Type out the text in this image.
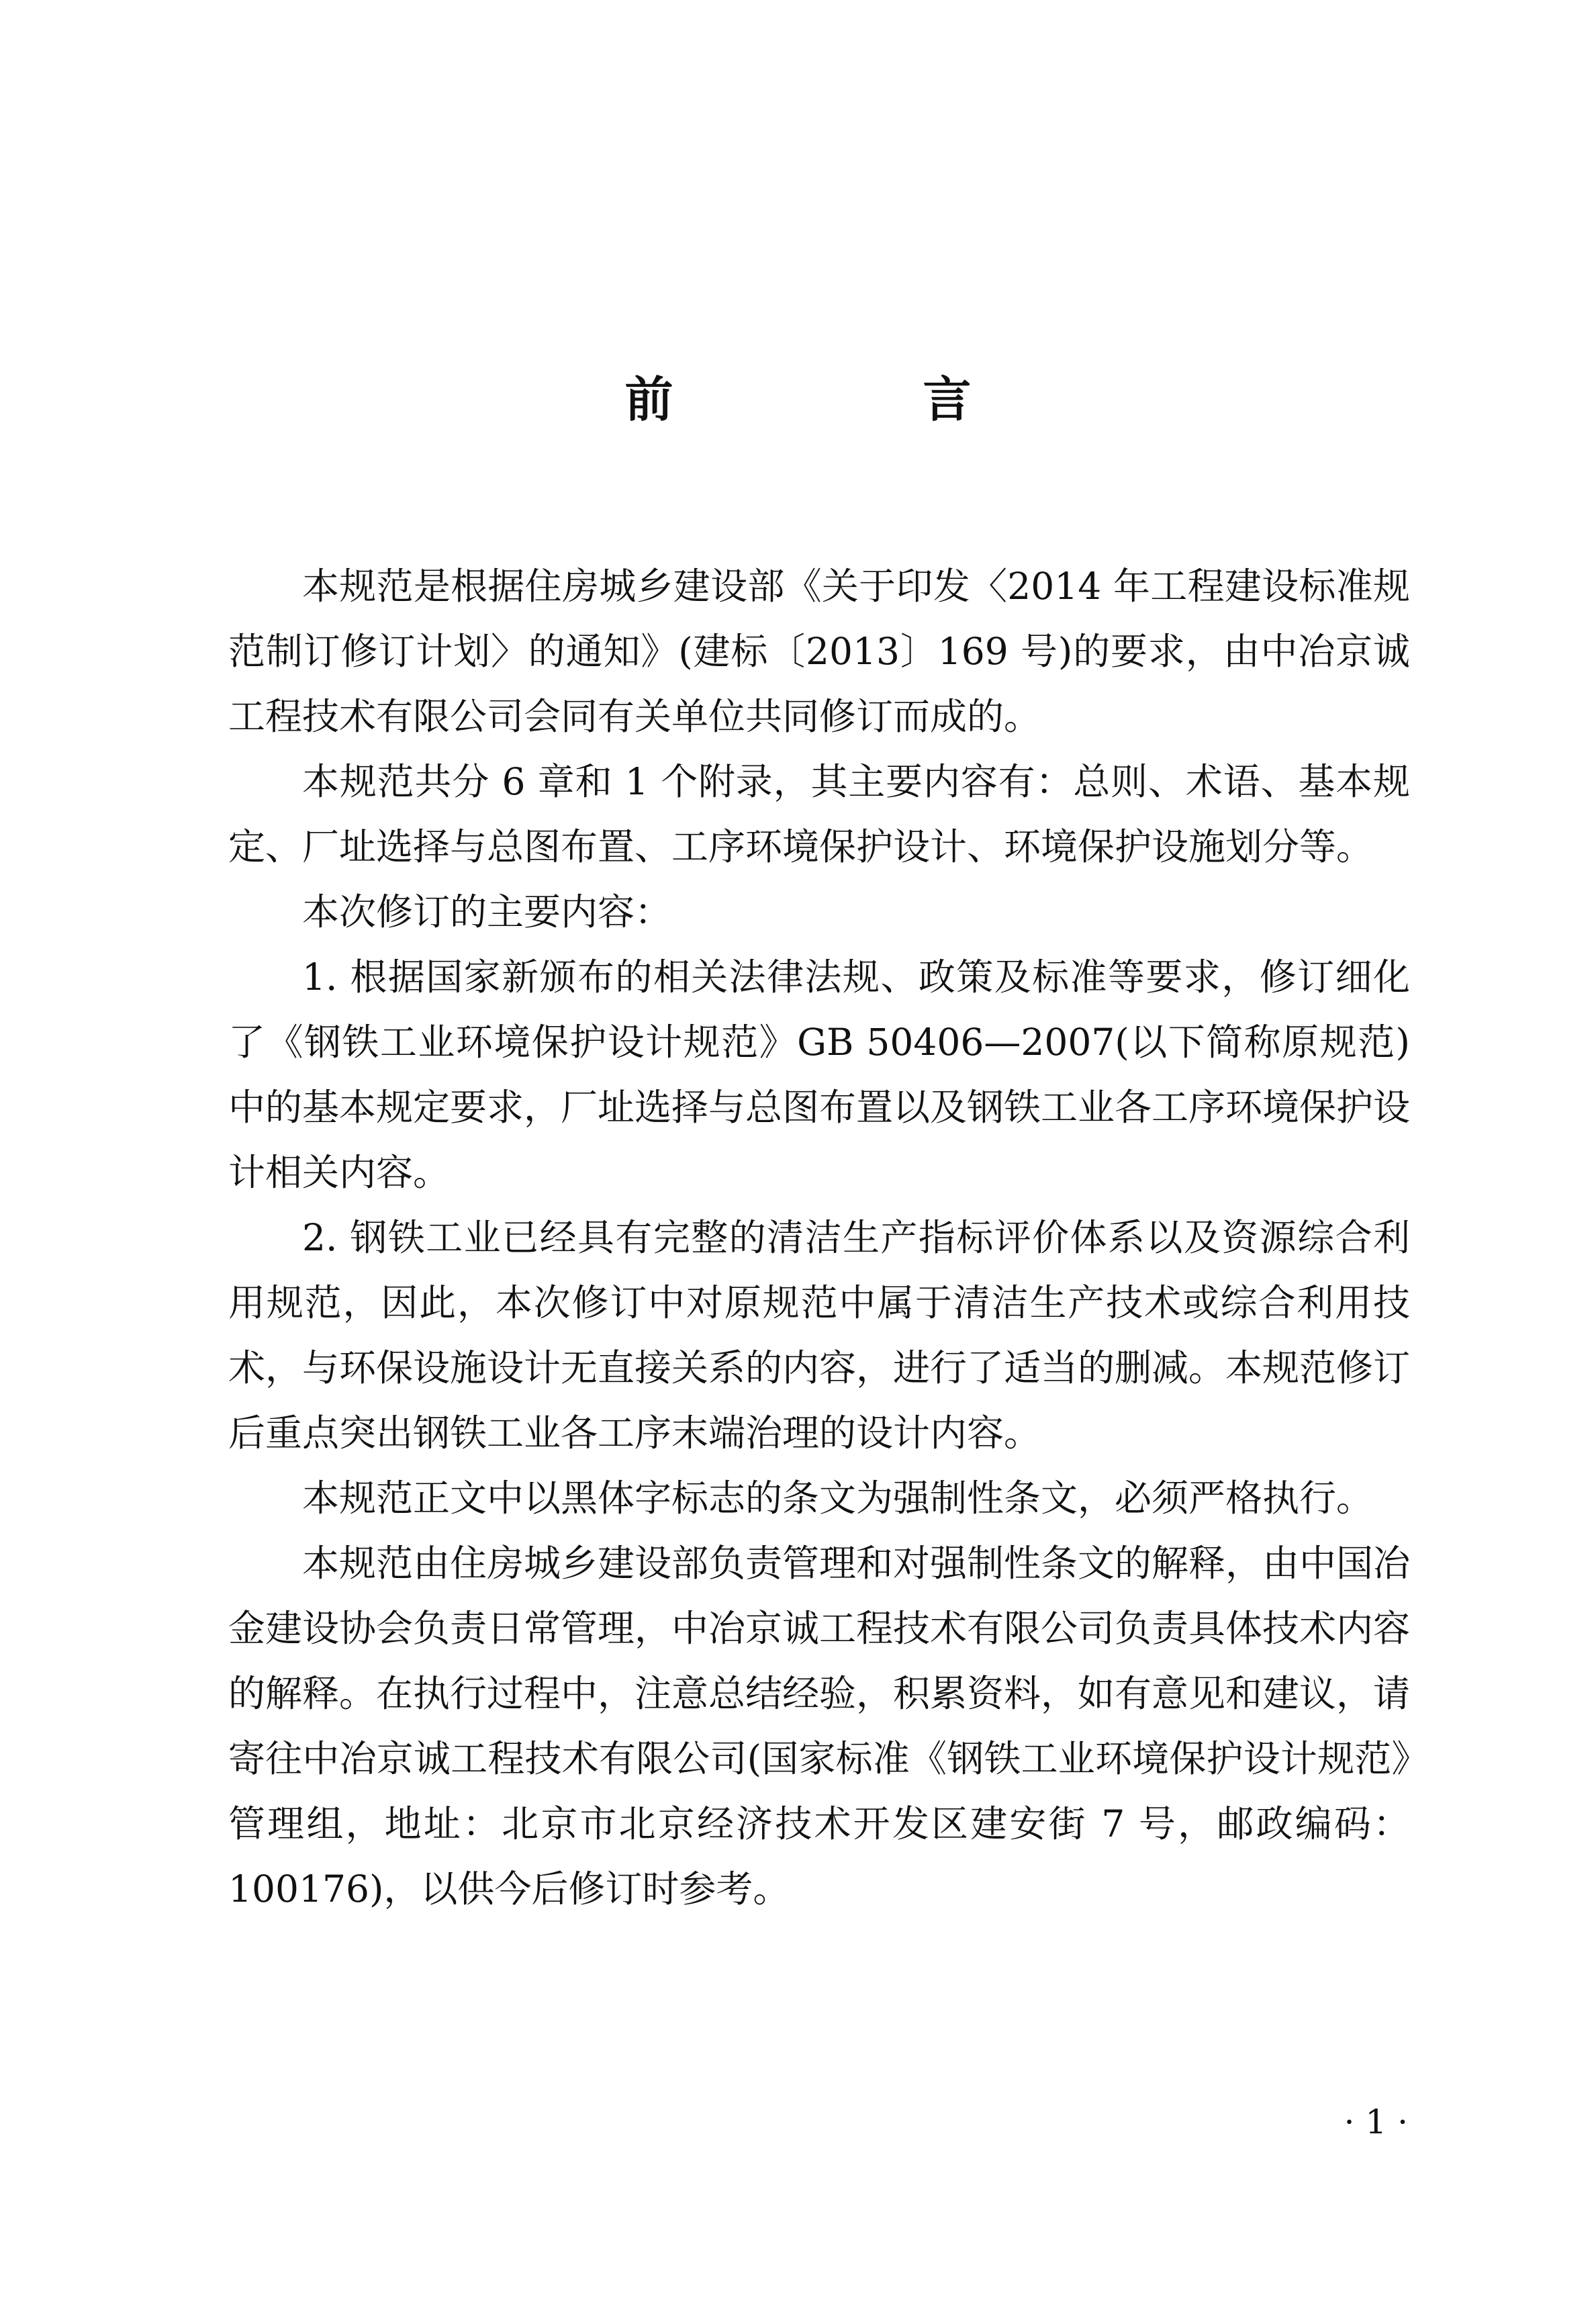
前　言

本规范是根据住房城乡建设部《关于印发〈2014 年工程建设标准规范制订修订计划〉的通知》(建标〔2013〕169 号)的要求，由中冶京诚工程技术有限公司会同有关单位共同修订而成的。

本规范共分 6 章和 1 个附录，其主要内容有：总则、术语、基本规定、厂址选择与总图布置、工序环境保护设计、环境保护设施划分等。

本次修订的主要内容：

1. 根据国家新颁布的相关法律法规、政策及标准等要求，修订细化了《钢铁工业环境保护设计规范》GB 50406—2007(以下简称原规范)中的基本规定要求，厂址选择与总图布置以及钢铁工业各工序环境保护设计相关内容。

2. 钢铁工业已经具有完整的清洁生产指标评价体系以及资源综合利用规范，因此，本次修订中对原规范中属于清洁生产技术或综合利用技术，与环保设施设计无直接关系的内容，进行了适当的删减。本规范修订后重点突出钢铁工业各工序末端治理的设计内容。

本规范正文中以黑体字标志的条文为强制性条文，必须严格执行。

本规范由住房城乡建设部负责管理和对强制性条文的解释，由中国冶金建设协会负责日常管理，中冶京诚工程技术有限公司负责具体技术内容的解释。在执行过程中，注意总结经验，积累资料，如有意见和建议，请寄往中冶京诚工程技术有限公司(国家标准《钢铁工业环境保护设计规范》管理组，地址：北京市北京经济技术开发区建安街 7 号，邮政编码：100176)，以供今后修订时参考。

· 1 ·
